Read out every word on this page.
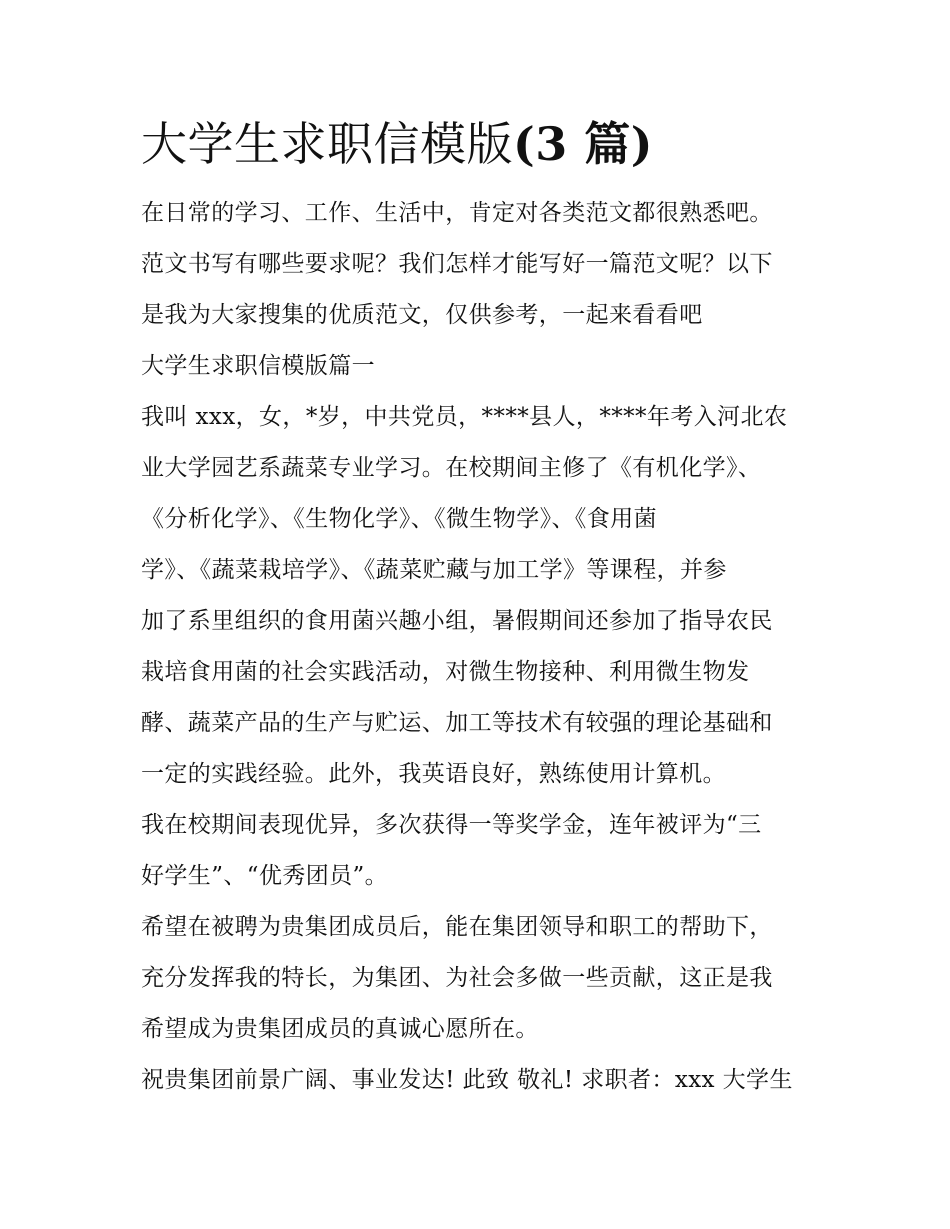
大学生求职信模版(3 篇)

在日常的学习、工作、生活中，肯定对各类范文都很熟悉吧。
范文书写有哪些要求呢？我们怎样才能写好一篇范文呢？以下
是我为大家搜集的优质范文，仅供参考，一起来看看吧

大学生求职信模版篇一

我叫 xxx，女，*岁，中共党员，****县人，****年考入河北农
业大学园艺系蔬菜专业学习。在校期间主修了《有机化学》、
《分析化学》、《生物化学》、《微生物学》、《食用菌
学》、《蔬菜栽培学》、《蔬菜贮藏与加工学》等课程，并参
加了系里组织的食用菌兴趣小组，暑假期间还参加了指导农民
栽培食用菌的社会实践活动，对微生物接种、利用微生物发
酵、蔬菜产品的生产与贮运、加工等技术有较强的理论基础和
一定的实践经验。此外，我英语良好，熟练使用计算机。

我在校期间表现优异，多次获得一等奖学金，连年被评为“三
好学生”、“优秀团员”。

希望在被聘为贵集团成员后，能在集团领导和职工的帮助下，
充分发挥我的特长，为集团、为社会多做一些贡献，这正是我
希望成为贵集团成员的真诚心愿所在。

祝贵集团前景广阔、事业发达! 此致 敬礼! 求职者：xxx 大学生
